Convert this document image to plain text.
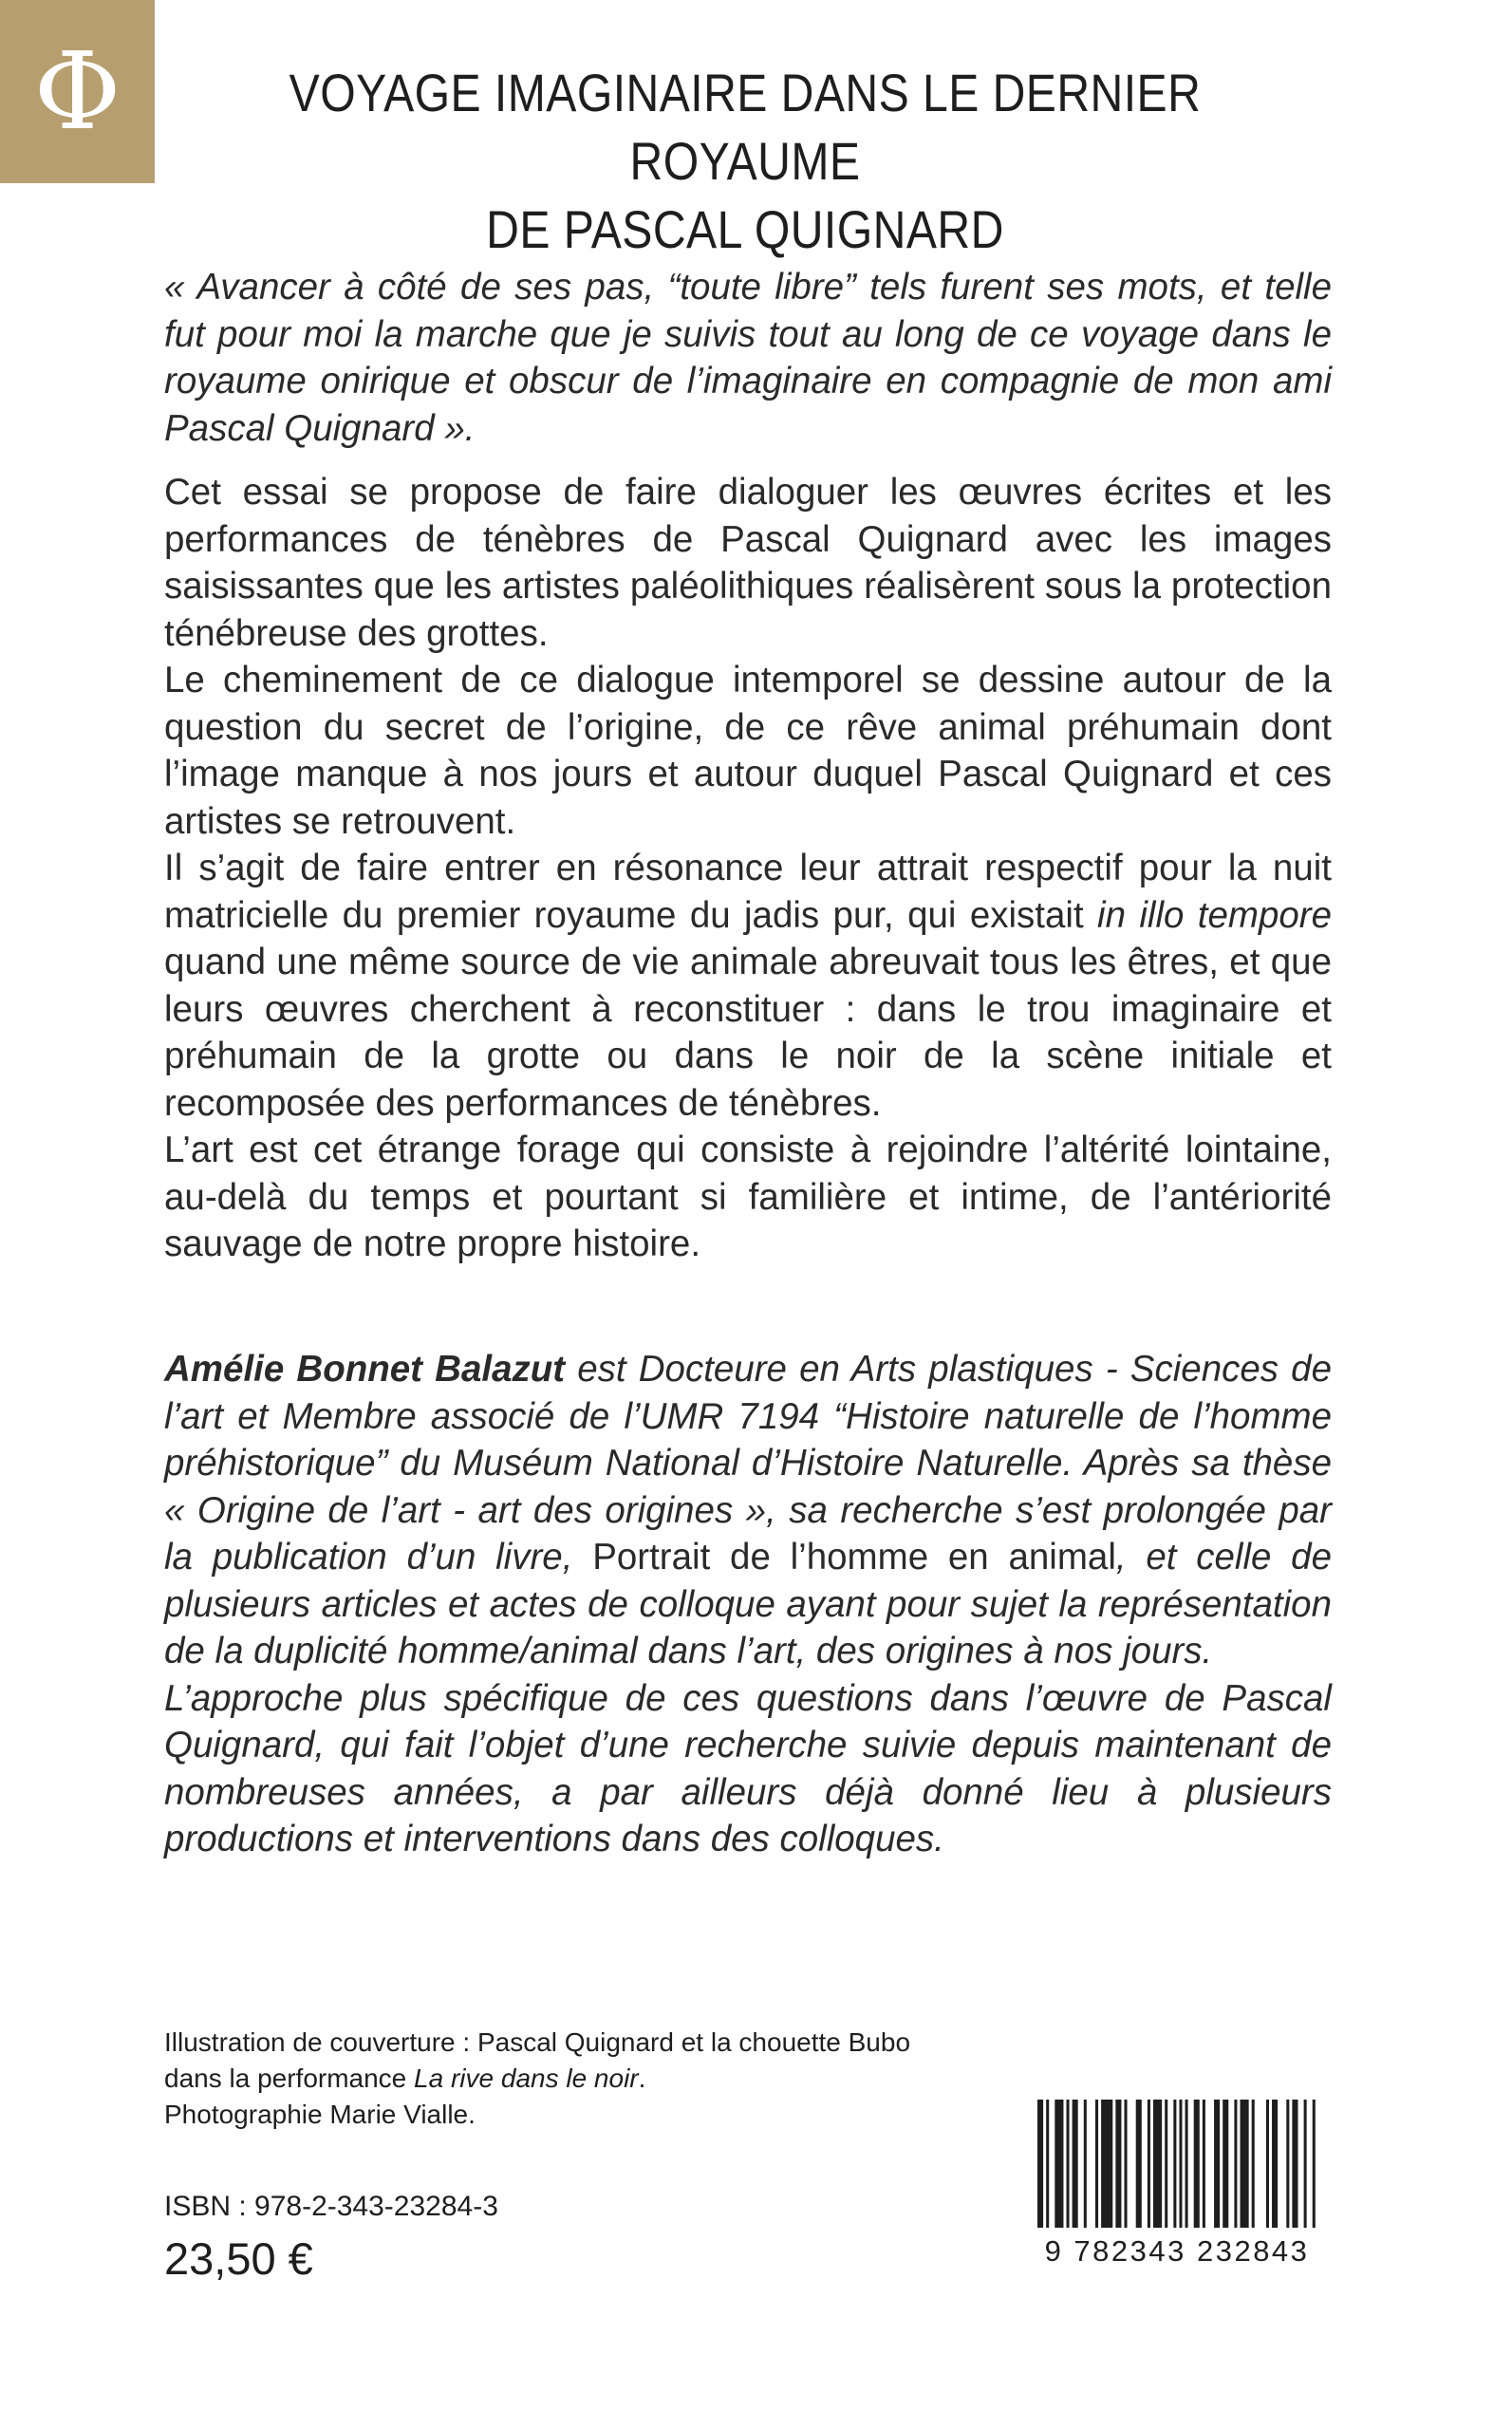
Φ	VOYAGE IMAGINAIRE DANS LE DERNIER ROYAUME
DE PASCAL QUIGNARD

« Avancer à côté de ses pas, “toute libre” tels furent ses mots, et telle fut pour moi la marche que je suivis tout au long de ce voyage dans le royaume onirique et obscur de l’imaginaire en compagnie de mon ami Pascal Quignard ».

Cet essai se propose de faire dialoguer les œuvres écrites et les performances de ténèbres de Pascal Quignard avec les images saisissantes que les artistes paléolithiques réalisèrent sous la protection ténébreuse des grottes.

Le cheminement de ce dialogue intemporel se dessine autour de la question du secret de l’origine, de ce rêve animal préhumain dont l’image manque à nos jours et autour duquel Pascal Quignard et ces artistes se retrouvent.

Il s’agit de faire entrer en résonance leur attrait respectif pour la nuit matricielle du premier royaume du jadis pur, qui existait in illo tempore quand une même source de vie animale abreuvait tous les êtres, et que leurs œuvres cherchent à reconstituer : dans le trou imaginaire et préhumain de la grotte ou dans le noir de la scène initiale et recomposée des performances de ténèbres.

L’art est cet étrange forage qui consiste à rejoindre l’altérité lointaine, au-delà du temps et pourtant si familière et intime, de l’antériorité sauvage de notre propre histoire.

Amélie Bonnet Balazut est Docteure en Arts plastiques - Sciences de l’art et Membre associé de l’UMR 7194 “Histoire naturelle de l’homme préhistorique” du Muséum National d’Histoire Naturelle. Après sa thèse « Origine de l’art - art des origines », sa recherche s’est prolongée par la publication d’un livre, Portrait de l’homme en animal, et celle de plusieurs articles et actes de colloque ayant pour sujet la représentation de la duplicité homme/animal dans l’art, des origines à nos jours.

L’approche plus spécifique de ces questions dans l’œuvre de Pascal Quignard, qui fait l’objet d’une recherche suivie depuis maintenant de nombreuses années, a par ailleurs déjà donné lieu à plusieurs productions et interventions dans des colloques.

Illustration de couverture : Pascal Quignard et la chouette Bubo

dans la performance La rive dans le noir.

Photographie Marie Vialle.

ISBN : 978-2-343-23284-3
23,50 €	9 782343 232843
